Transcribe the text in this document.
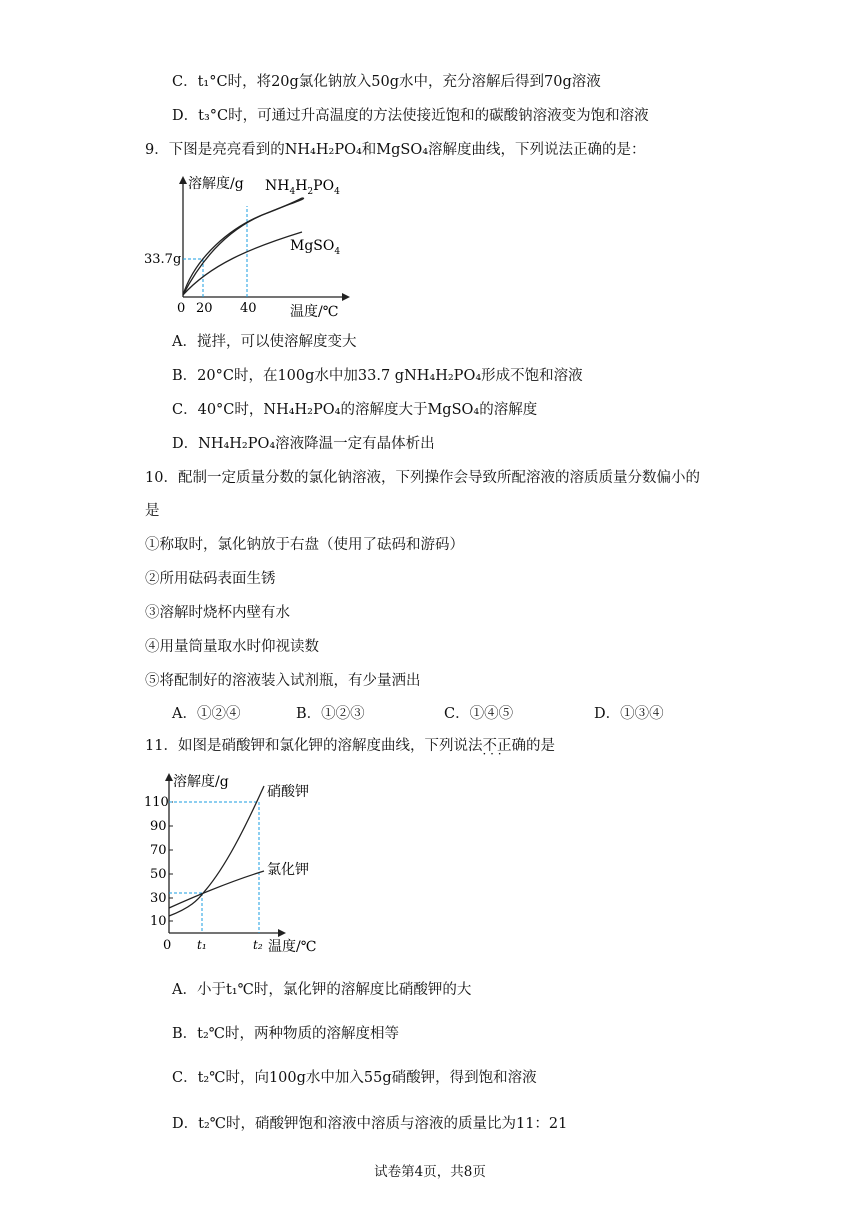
C．t₁°C时，将20g氯化钠放入50g水中，充分溶解后得到70g溶液
D．t₃°C时，可通过升高温度的方法使接近饱和的碳酸钠溶液变为饱和溶液
9．下图是亮亮看到的NH₄H₂PO₄和MgSO₄溶解度曲线，下列说法正确的是：
溶解度/g $NH_4H_2PO_4$
MgSO$_4$
33.7g
0 20 40 温度/℃
A．搅拌，可以使溶解度变大
B．20°C时，在100g水中加33.7 gNH₄H₂PO₄形成不饱和溶液
C．40°C时，NH₄H₂PO₄的溶解度大于MgSO₄的溶解度
D．NH₄H₂PO₄溶液降温一定有晶体析出
10．配制一定质量分数的氯化钠溶液，下列操作会导致所配溶液的溶质质量分数偏小的
是
①称取时，氯化钠放于右盘（使用了砝码和游码）
②所用砝码表面生锈
③溶解时烧杯内壁有水
④用量筒量取水时仰视读数
⑤将配制好的溶液装入试剂瓶，有少量洒出
A．①②④	B．①②③	C．①④⑤	D．①③④
11．如图是硝酸钾和氯化钾的溶解度曲线，下列说法不正确 · · ·的是
溶解度/g
硝酸钾
氯化钾
110
90
70
50
30
10
0 t₁	t₂ 温度/℃
A．小于t₁℃时，氯化钾的溶解度比硝酸钾的大
B．t₂℃时，两种物质的溶解度相等
C．t₂℃时，向100g水中加入55g硝酸钾，得到饱和溶液
D．t₂℃时，硝酸钾饱和溶液中溶质与溶液的质量比为11：21
试卷第4页，共8页
